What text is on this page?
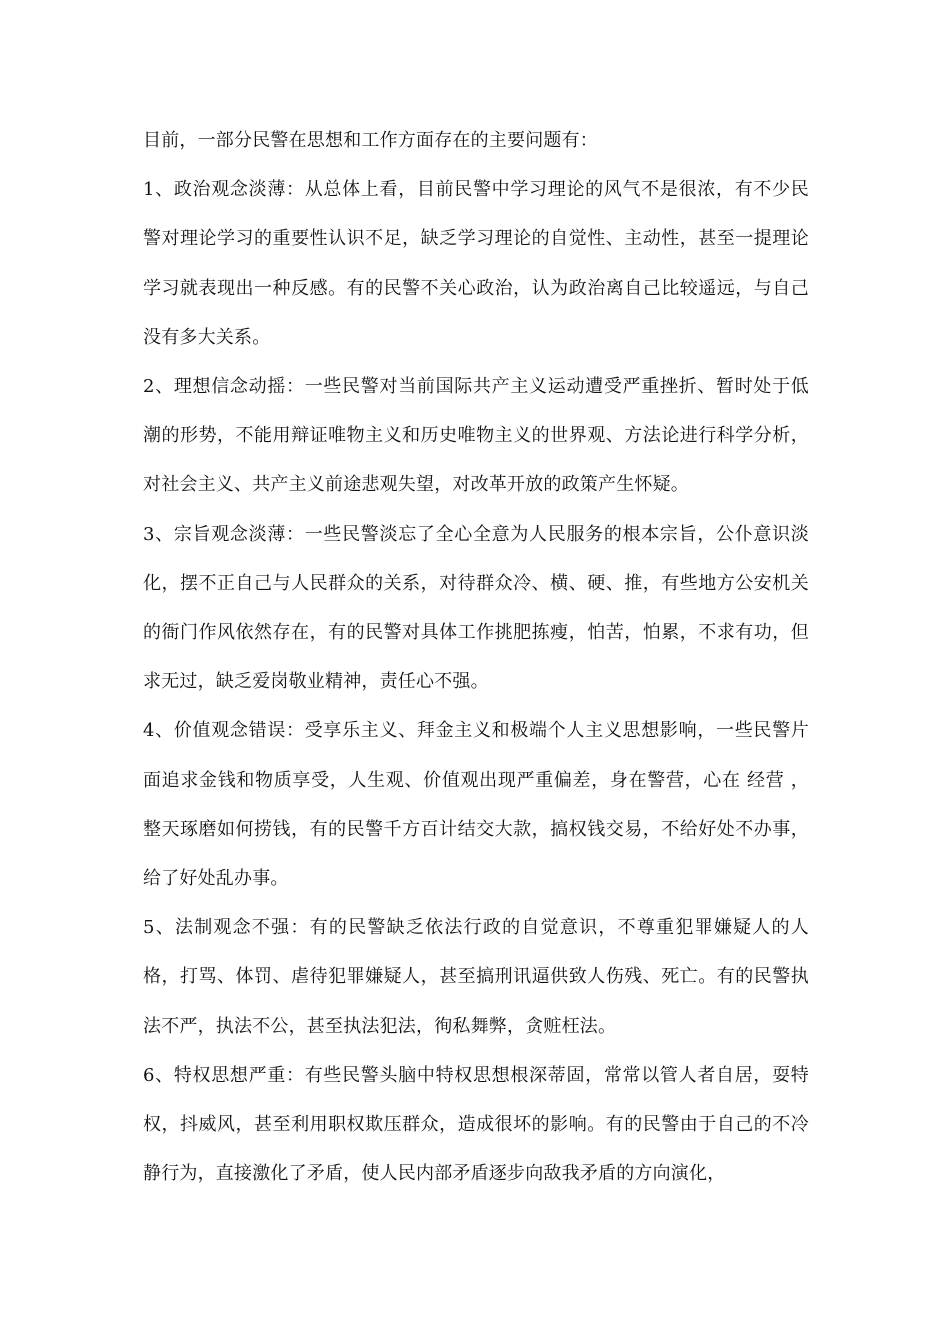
目前，一部分民警在思想和工作方面存在的主要问题有：

1、政治观念淡薄：从总体上看，目前民警中学习理论的风气不是很浓，有不少民警对理论学习的重要性认识不足，缺乏学习理论的自觉性、主动性，甚至一提理论学习就表现出一种反感。有的民警不关心政治，认为政治离自己比较遥远，与自己没有多大关系。

2、理想信念动摇：一些民警对当前国际共产主义运动遭受严重挫折、暂时处于低潮的形势，不能用辩证唯物主义和历史唯物主义的世界观、方法论进行科学分析，对社会主义、共产主义前途悲观失望，对改革开放的政策产生怀疑。

3、宗旨观念淡薄：一些民警淡忘了全心全意为人民服务的根本宗旨，公仆意识淡化，摆不正自己与人民群众的关系，对待群众冷、横、硬、推，有些地方公安机关的衙门作风依然存在，有的民警对具体工作挑肥拣瘦，怕苦，怕累，不求有功，但求无过，缺乏爱岗敬业精神，责任心不强。

4、价值观念错误：受享乐主义、拜金主义和极端个人主义思想影响，一些民警片面追求金钱和物质享受，人生观、价值观出现严重偏差，身在警营，心在 经营 ，整天琢磨如何捞钱，有的民警千方百计结交大款，搞权钱交易，不给好处不办事，给了好处乱办事。

5、法制观念不强：有的民警缺乏依法行政的自觉意识，不尊重犯罪嫌疑人的人格，打骂、体罚、虐待犯罪嫌疑人，甚至搞刑讯逼供致人伤残、死亡。有的民警执法不严，执法不公，甚至执法犯法，徇私舞弊，贪赃枉法。

6、特权思想严重：有些民警头脑中特权思想根深蒂固，常常以管人者自居，耍特权，抖威风，甚至利用职权欺压群众，造成很坏的影响。有的民警由于自己的不冷静行为，直接激化了矛盾，使人民内部矛盾逐步向敌我矛盾的方向演化，
